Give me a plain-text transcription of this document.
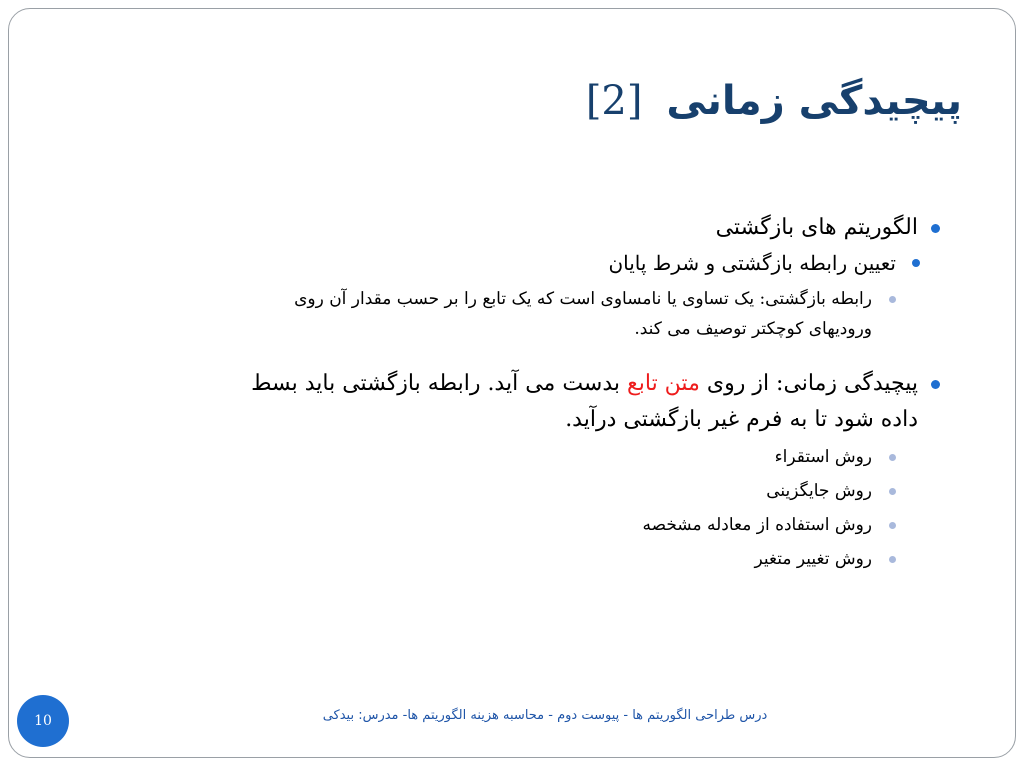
پیچیدگی زمانی [2]
الگوریتم های بازگشتی
تعیین رابطه بازگشتی و شرط پایان
رابطه بازگشتی: یک تساوی یا نامساوی است که یک تابع را بر حسب مقدار آن روی
ورودیهای کوچکتر توصیف می کند.
پیچیدگی زمانی: از روی متن تابع بدست می آید. رابطه بازگشتی باید بسط
داده شود تا به فرم غیر بازگشتی درآید.
روش استقراء
روش جایگزینی
روش استفاده از معادله مشخصه
روش تغییر متغیر
درس طراحی الگوریتم ها - پیوست دوم - محاسبه هزینه الگوریتم ها- مدرس: بیدکی
10
